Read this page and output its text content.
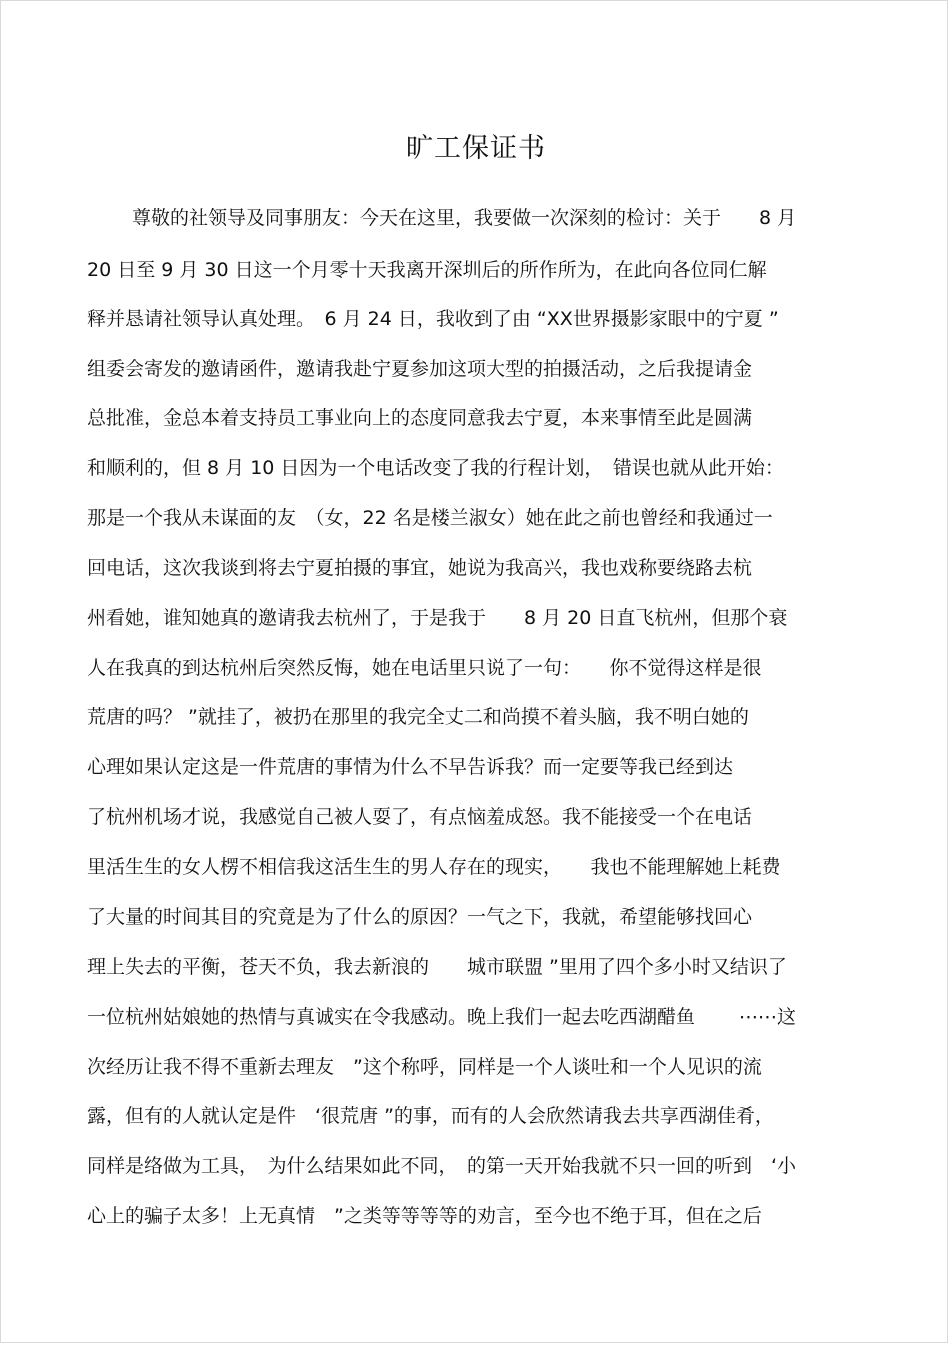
旷工保证书

尊敬的社领导及同事朋友：今天在这里，我要做一次深刻的检讨：关于　　8 月

20 日至 9 月 30 日这一个月零十天我离开深圳后的所作所为，在此向各位同仁解

释并恳请社领导认真处理。　6 月 24 日，我收到了由 “XX世界摄影家眼中的宁夏 ”

组委会寄发的邀请函件，邀请我赴宁夏参加这项大型的拍摄活动，之后我提请金

总批准，金总本着支持员工事业向上的态度同意我去宁夏，本来事情至此是圆满

和顺利的，但 8 月 10 日因为一个电话改变了我的行程计划，　错误也就从此开始：

那是一个我从未谋面的友　（女，22 名是楼兰淑女）她在此之前也曾经和我通过一

回电话，这次我谈到将去宁夏拍摄的事宜，她说为我高兴，我也戏称要绕路去杭

州看她，谁知她真的邀请我去杭州了，于是我于　　8 月 20 日直飞杭州，但那个衰

人在我真的到达杭州后突然反悔，她在电话里只说了一句：　　你不觉得这样是很

荒唐的吗？ ”就挂了，被扔在那里的我完全丈二和尚摸不着头脑，我不明白她的

心理如果认定这是一件荒唐的事情为什么不早告诉我？而一定要等我已经到达

了杭州机场才说，我感觉自己被人耍了，有点恼羞成怒。我不能接受一个在电话

里活生生的女人楞不相信我这活生生的男人存在的现实，　　我也不能理解她上耗费

了大量的时间其目的究竟是为了什么的原因？一气之下，我就，希望能够找回心

理上失去的平衡，苍天不负，我去新浪的　　城市联盟 ”里用了四个多小时又结识了

一位杭州姑娘她的热情与真诚实在令我感动。晚上我们一起去吃西湖醋鱼　　 ⋯⋯这

次经历让我不得不重新去理友　”这个称呼，同样是一个人谈吐和一个人见识的流

露，但有的人就认定是件　‘很荒唐 ”的事，而有的人会欣然请我去共享西湖佳肴，

同样是络做为工具，　为什么结果如此不同，　的第一天开始我就不只一回的听到　‘小

心上的骗子太多！上无真情　”之类等等等等的劝言，至今也不绝于耳，但在之后
